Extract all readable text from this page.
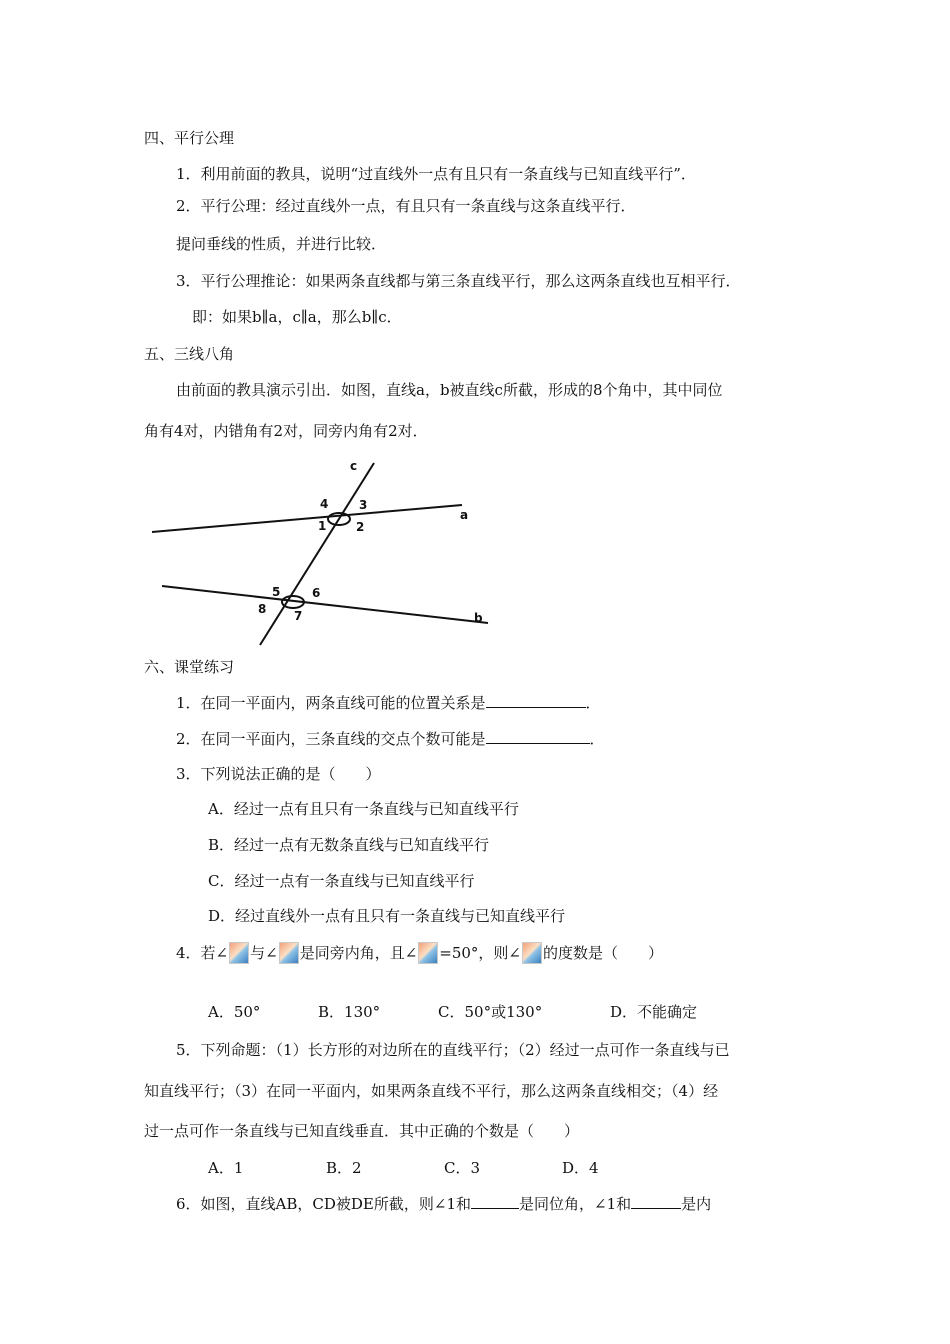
四、平行公理
1．利用前面的教具，说明“过直线外一点有且只有一条直线与已知直线平行”．
2．平行公理：经过直线外一点，有且只有一条直线与这条直线平行．
提问垂线的性质，并进行比较．
3．平行公理推论：如果两条直线都与第三条直线平行，那么这两条直线也互相平行．
即：如果b∥a，c∥a，那么b∥c．
五、三线八角
由前面的教具演示引出．如图，直线a，b被直线c所截，形成的8个角中，其中同位
角有4对，内错角有2对，同旁内角有2对．
c
a
b
1 2
3
4
5	6
7
8
六、课堂练习
1．在同一平面内，两条直线可能的位置关系是	．
2．在同一平面内，三条直线的交点个数可能是	．
3．下列说法正确的是（　　）
A．经过一点有且只有一条直线与已知直线平行
B．经过一点有无数条直线与已知直线平行
C．经过一点有一条直线与已知直线平行
D．经过直线外一点有且只有一条直线与已知直线平行
4．若∠ 与∠ 是同旁内角，且∠ =50°，则∠ 的度数是（　　）
A．50°	B．130°	C．50°或130°	D．不能确定
5．下列命题：（1）长方形的对边所在的直线平行；（2）经过一点可作一条直线与已
知直线平行；（3）在同一平面内，如果两条直线不平行，那么这两条直线相交；（4）经
过一点可作一条直线与已知直线垂直．其中正确的个数是（　　）
A．1	B．2	C．3	D．4
6．如图，直线AB，CD被DE所截，则∠1和	是同位角，∠1和	是内
